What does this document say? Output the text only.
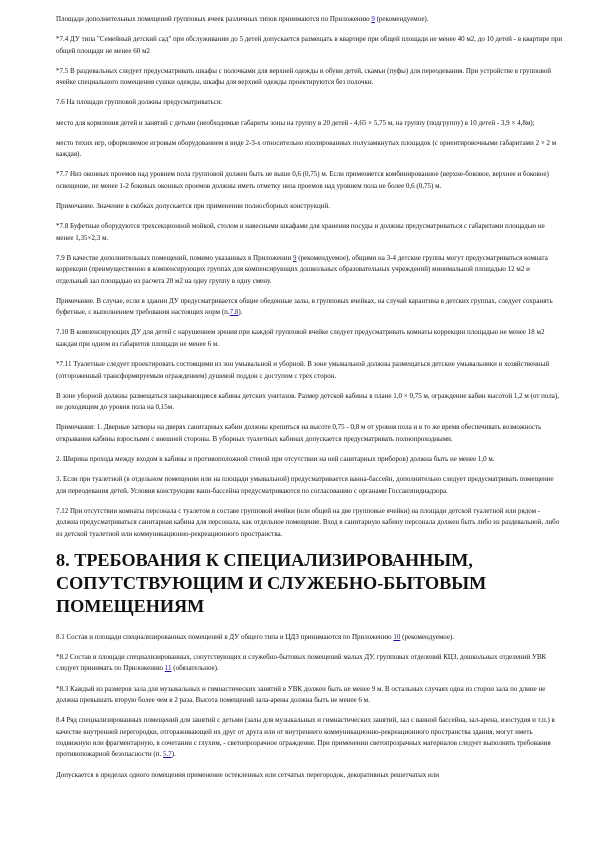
Площади дополнительных помещений групповых ячеек различных типов принимаются по Приложению 9 (рекомендуемое).

*7.4 ДУ типа "Семейный детский сад" при обслуживании до 5 детей допускается размещать в квартире при общей площади не менее 40 м2, до 10 детей - в квартире при общей площади не менее 60 м2

*7.5 В раздевальных следует предусматривать шкафы с полочками для верхней одежды и обуви детей, скамьи (пуфы) для переодевания. При устройстве в групповой ячейке специального помещения сушки одежды, шкафы для верхней одежды проектируются без полочки.

7.6 На площади групповой должны предусматриваться:

место для кормления детей и занятий с детьми (необходимые габариты зоны на группу в 20 детей - 4,65 × 5,75 м, на группу (подгруппу) в 10 детей - 3,9 × 4,8м);

место тихих игр, оформляемое игровым оборудованием в виде 2-3-х относительно изолированных полузамкнутых площадок (с ориентировочными габаритами 2 × 2 м каждая).

*7.7 Низ оконных проемов над уровнем пола групповой должен быть не выше 0,6 (0,75) м. Если применяется комбинированное (верхне-боковое, верхнее и боковое) освещение, не менее 1-2 боковых оконных проемов должны иметь отметку низа проемов над уровнем пола не более 0,6 (0,75) м.

Примечание. Значение в скобках допускается при применении полносборных конструкций.

*7.8 Буфетные оборудуются трехсекционной мойкой, столом и навесными шкафами для хранения посуды и должны предусматриваться с габаритами площадью не менее 1,35×2,3 м.

7.9 В качестве дополнительных помещений, помимо указанных в Приложении 9 (рекомендуемое), общими на 3-4 детские группы могут предусматриваться комната коррекции (преимущественно в компенсирующих группах для компенсирующих дошкольных образовательных учреждений) минимальной площадью 12 м2 и отдельный зал площадью из расчета 20 м2 на одну группу в одну смену.

Примечание. В случае, если в здании ДУ предусматривается общие обеденные залы, в групповых ячейках, на случай карантина в детских группах, следует сохранять буфетные, с выполнением требования настоящих норм (п.7.8).

7.10 В компенсирующих ДУ для детей с нарушением зрения при каждой групповой ячейке следует предусматривать комнаты коррекции площадью не менее 18 м2 каждая при одном из габаритов площади не менее 6 м.

*7.11 Туалетные следует проектировать состоящими из зон умывальной и уборной. В зоне умывальной должны размещаться детские умывальники и хозяйственный (отгороженный трансформируемым ограждением) душевой поддон с доступом с трех сторон.

В зоне уборной должны размещаться закрывающиеся кабины детских унитазов. Размер детской кабины в плане 1,0 × 0,75 м, ограждение кабин высотой 1,2 м (от пола), не доходящим до уровня пола на 0,15м.

Примечания: 1. Дверные затворы на дверях санитарных кабин должны крепиться на высоте 0,75 - 0,8 м от уровня пола и в то же время обеспечивать возможность открывания кабины взрослыми с внешней стороны. В уборных туалетных кабинах допускается предусматривать полнопроходными.

2. Ширина прохода между входом в кабины и противоположной стеной при отсутствии на ней санитарных приборов) должна быть не менее 1,0 м.

3. Если при туалетной (в отдельном помещении или на площади умывальной) предусматривается ванна-бассейн, дополнительно следует предусматривать помещение для переодевания детей. Условия конструкции ванн-бассейна предусматриваются по согласованию с органами Госсанэпиднадзора.

7.12 При отсутствии комнаты персонала с туалетом в составе групповой ячейки (или общей на две групповые ячейки) на площади детской туалетной или рядом - должна предусматриваться санитарная кабина для персонала, как отдельное помещение. Вход в санитарную кабину персонала должен быть либо из раздевальной, либо из детской туалетной или коммуникационно-рекреационного пространства.

8. ТРЕБОВАНИЯ К СПЕЦИАЛИЗИРОВАННЫМ, СОПУТСТВУЮЩИМ И СЛУЖЕБНО-БЫТОВЫМ ПОМЕЩЕНИЯМ

8.1 Состав и площади специализированных помещений в ДУ общего типа и ЦДЗ принимаются по Приложению 10 (рекомендуемое).

*8.2 Состав и площади специализированных, сопутствующих и служебно-бытовых помещений малых ДУ, групповых отделений КЦЗ, дошкольных отделений УВК следует принимать по Приложению 11 (обязательное).

*8.3 Каждый из размеров зала для музыкальных и гимнастических занятий в УВК должен быть не менее 9 м. В остальных случаях одна из сторон зала по длине не должна превышать вторую более чем в 2 раза. Высота помещений зала-арены должна быть не менее 6 м.

8.4 Ряд специализированных помещений для занятий с детьми (залы для музыкальных и гимнастических занятий, зал с ванной бассейна, зал-арена, изостудия и т.п.) в качестве внутренней перегородки, отгораживающей их друг от друга или от внутреннего коммуникационно-рекреационного пространства здания, могут иметь подвижную или фрагментарную, в сочетании с глухим, - светопрозрачное ограждение. При применении светопрозрачных материалов следует выполнять требования противопожарной безопасности (п. 5.7).

Допускается в пределах одного помещения применение остекленных или сетчатых перегородок, декоративных решетчатых или
